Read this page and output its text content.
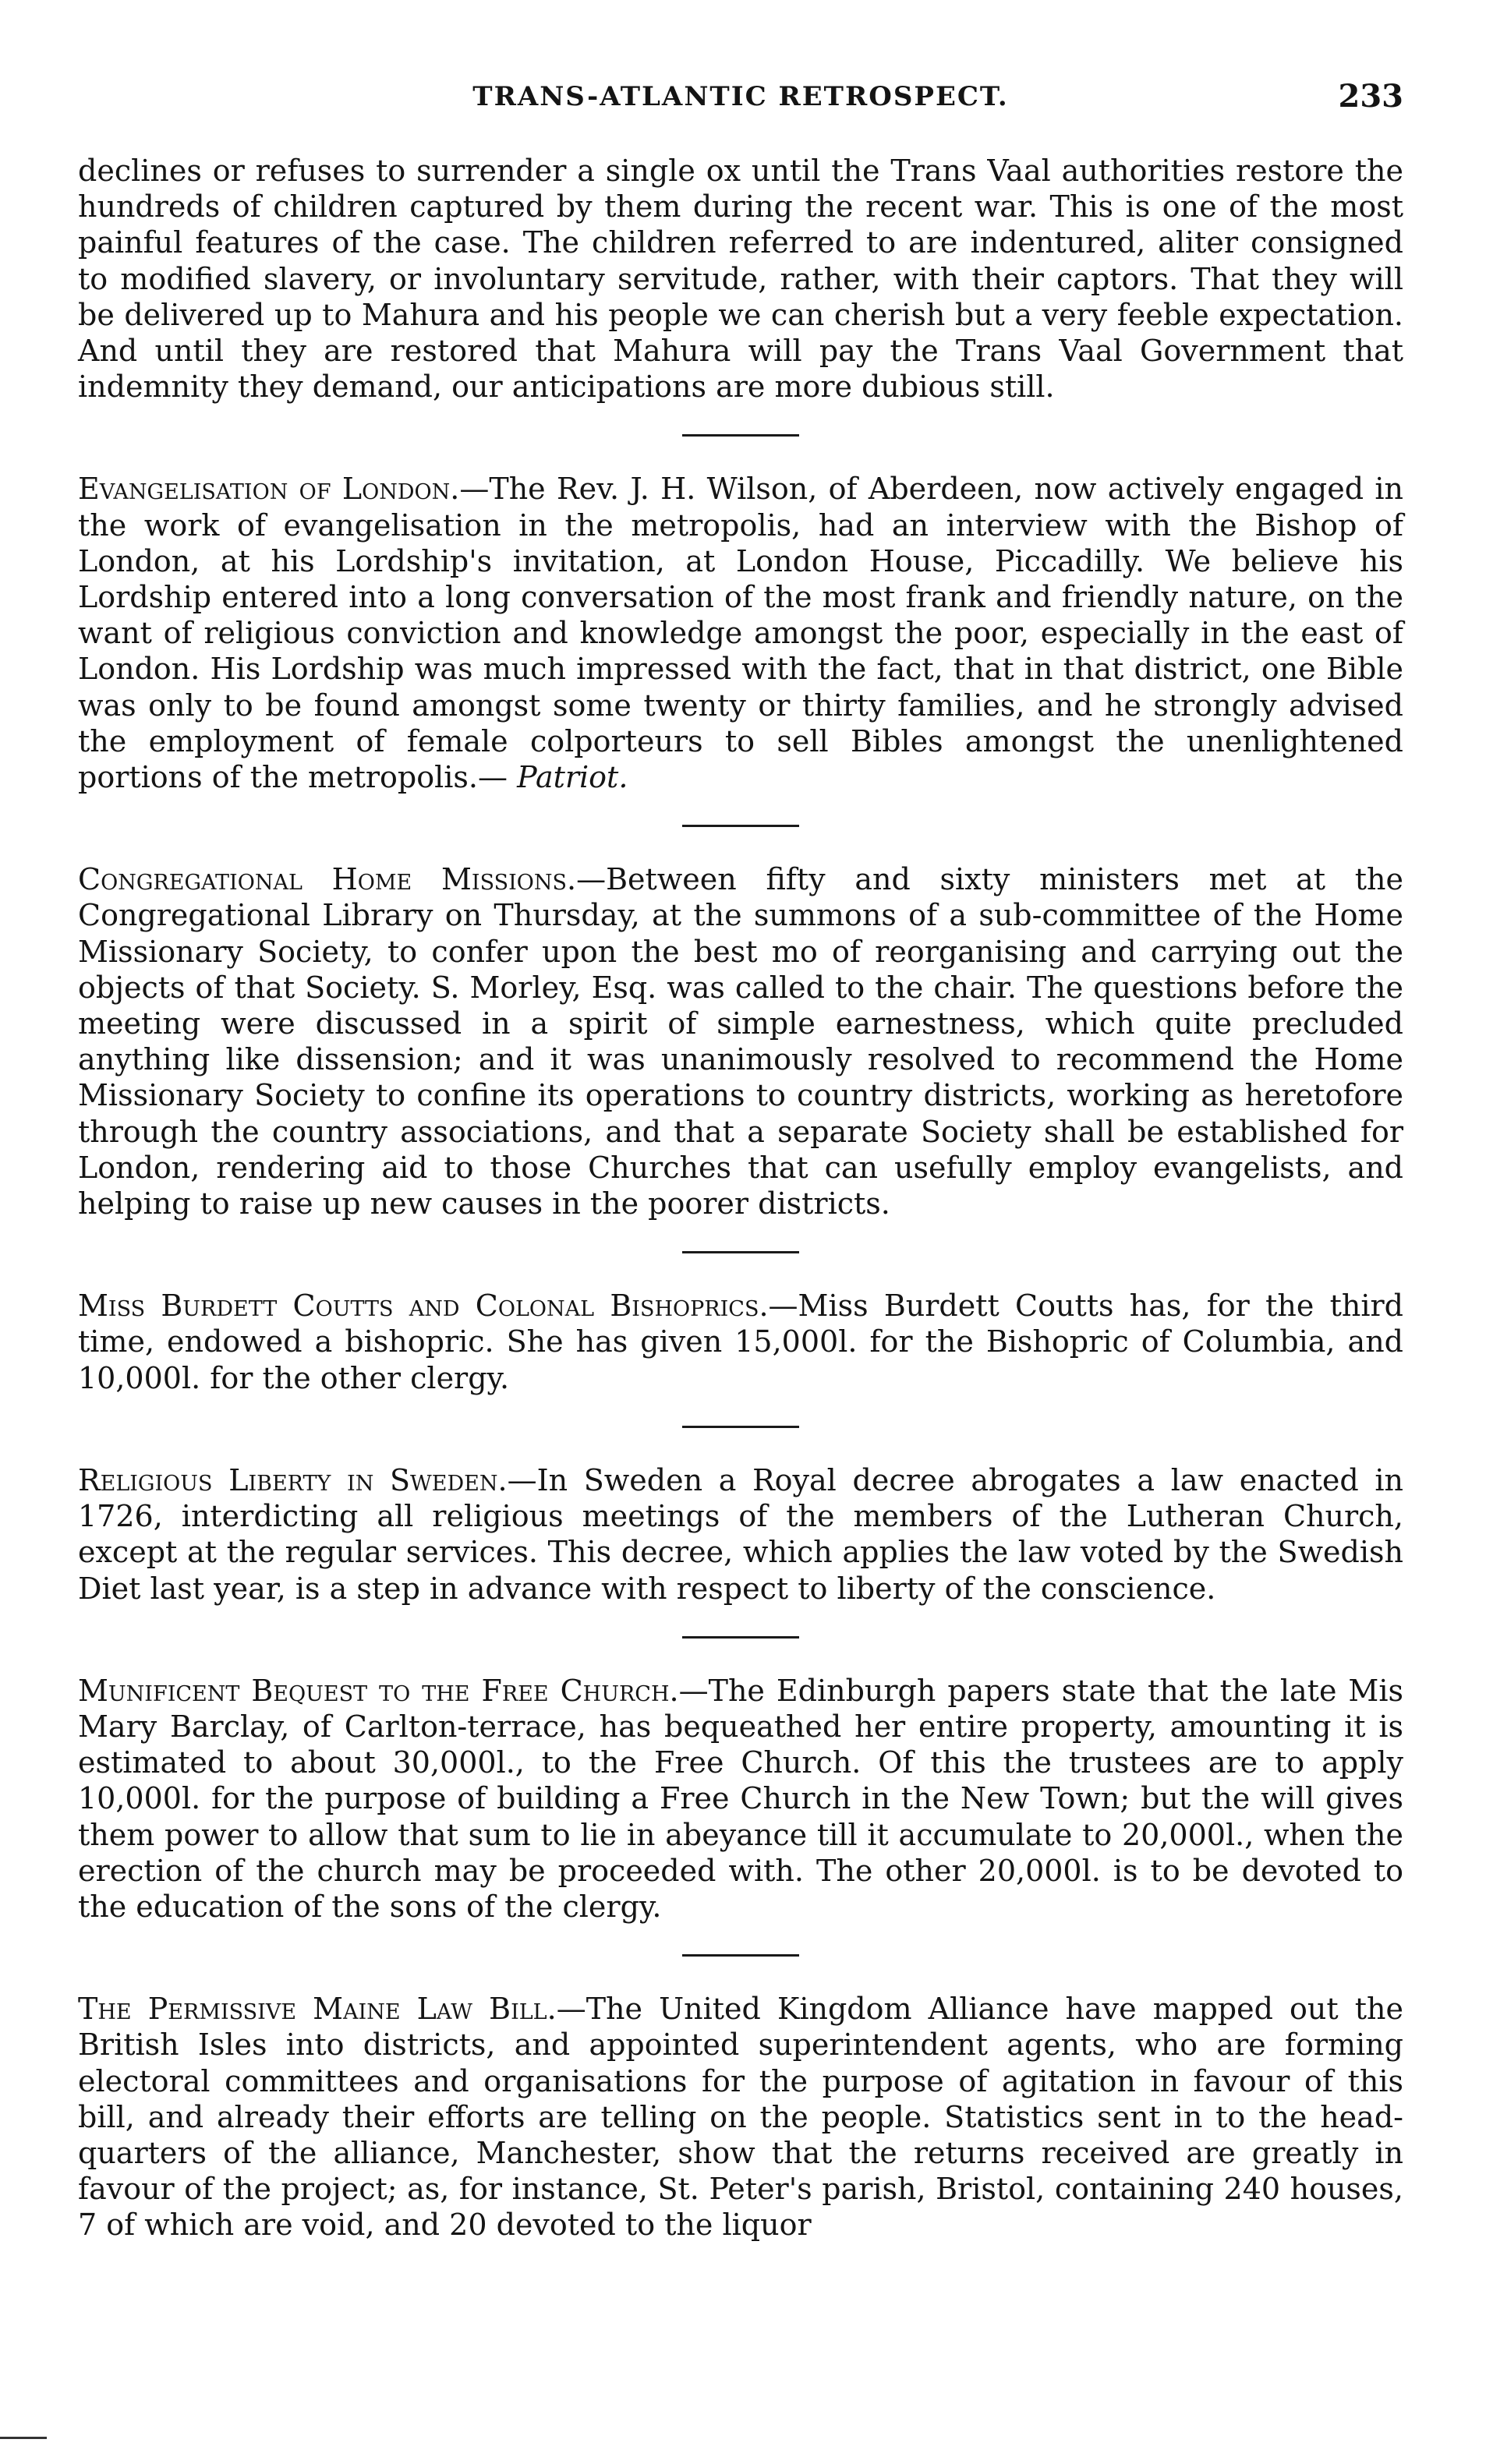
TRANS-ATLANTIC RETROSPECT.	233

declines or refuses to surrender a single ox until the Trans Vaal authorities restore the hundreds of children captured by them during the recent war. This is one of the most painful features of the case. The children referred to are indentured, aliter consigned to modified slavery, or involuntary servitude, rather, with their captors. That they will be delivered up to Mahura and his people we can cherish but a very feeble expectation. And until they are restored that Mahura will pay the Trans Vaal Government that indemnity they demand, our anticipations are more dubious still.

Evangelisation of London.—The Rev. J. H. Wilson, of Aberdeen, now actively engaged in the work of evangelisation in the metropolis, had an interview with the Bishop of London, at his Lordship's invitation, at London House, Piccadilly. We believe his Lordship entered into a long conversation of the most frank and friendly nature, on the want of religious conviction and knowledge amongst the poor, especially in the east of London. His Lordship was much impressed with the fact, that in that district, one Bible was only to be found amongst some twenty or thirty families, and he strongly advised the employment of female colporteurs to sell Bibles amongst the unenlightened portions of the metropolis.— Patriot.

Congregational Home Missions.—Between fifty and sixty ministers met at the Congregational Library on Thursday, at the summons of a sub-committee of the Home Missionary Society, to confer upon the best mo of reorganising and carrying out the objects of that Society. S. Morley, Esq. was called to the chair. The questions before the meeting were discussed in a spirit of simple earnestness, which quite precluded anything like dissension; and it was unanimously resolved to recommend the Home Missionary Society to confine its operations to country districts, working as heretofore through the country associations, and that a separate Society shall be established for London, rendering aid to those Churches that can usefully employ evangelists, and helping to raise up new causes in the poorer districts.

Miss Burdett Coutts and Colonal Bishoprics.—Miss Burdett Coutts has, for the third time, endowed a bishopric. She has given 15,000l. for the Bishopric of Columbia, and 10,000l. for the other clergy.

Religious Liberty in Sweden.—In Sweden a Royal decree abrogates a law enacted in 1726, interdicting all religious meetings of the members of the Lutheran Church, except at the regular services. This decree, which applies the law voted by the Swedish Diet last year, is a step in advance with respect to liberty of the conscience.

Munificent Bequest to the Free Church.—The Edinburgh papers state that the late Mis Mary Barclay, of Carlton-terrace, has bequeathed her entire property, amounting it is estimated to about 30,000l., to the Free Church. Of this the trustees are to apply 10,000l. for the purpose of building a Free Church in the New Town; but the will gives them power to allow that sum to lie in abeyance till it accumulate to 20,000l., when the erection of the church may be proceeded with. The other 20,000l. is to be devoted to the education of the sons of the clergy.

The Permissive Maine Law Bill.—The United Kingdom Alliance have mapped out the British Isles into districts, and appointed superintendent agents, who are forming electoral committees and organisations for the purpose of agitation in favour of this bill, and already their efforts are telling on the people. Statistics sent in to the head-quarters of the alliance, Manchester, show that the returns received are greatly in favour of the project; as, for instance, St. Peter's parish, Bristol, containing 240 houses, 7 of which are void, and 20 devoted to the liquor
